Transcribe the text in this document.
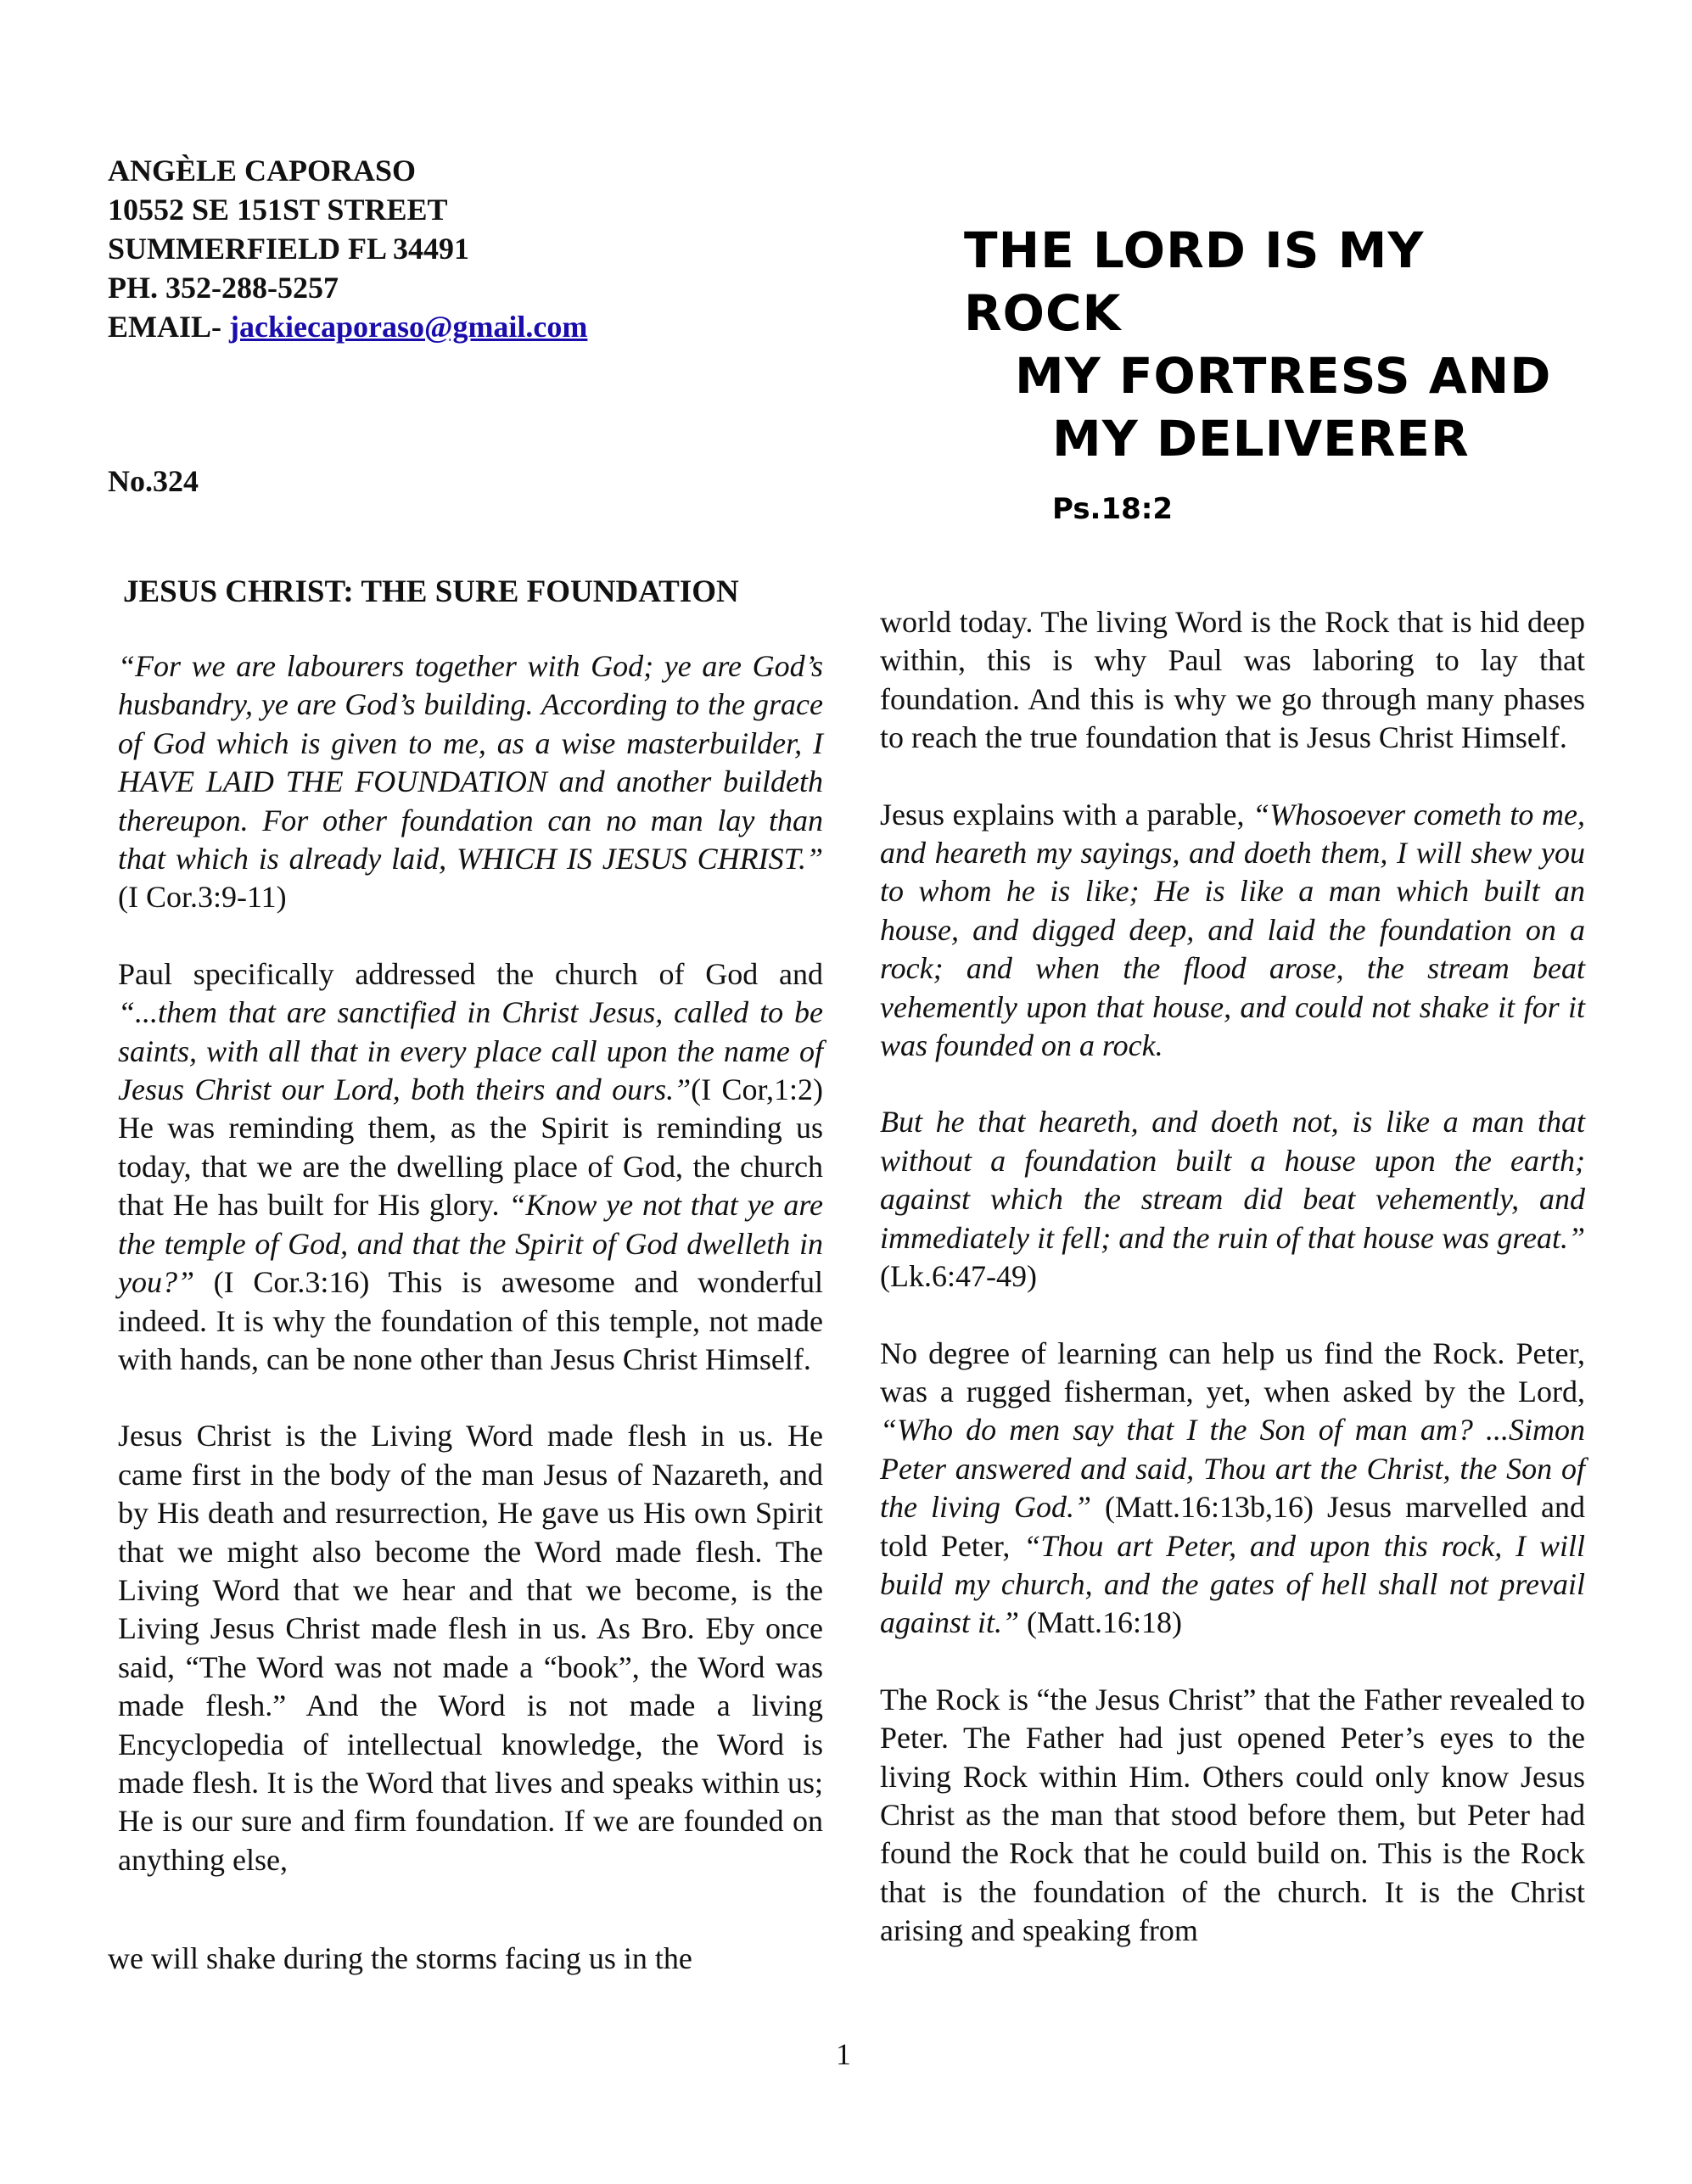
ANGÈLE CAPORASO
10552 SE 151ST STREET
SUMMERFIELD FL 34491
PH. 352-288-5257
EMAIL- jackiecaporaso@gmail.com
THE LORD IS MY ROCK
MY FORTRESS AND
MY DELIVERER Ps.18:2
No.324
JESUS CHRIST: THE SURE FOUNDATION

“For we are labourers together with God; ye are God’s husbandry, ye are God’s building. According to the grace of God which is given to me, as a wise masterbuilder, I HAVE LAID THE FOUNDATION and another buildeth thereupon. For other foundation can no man lay than that which is already laid, WHICH IS JESUS CHRIST.” (I Cor.3:9-11)

Paul specifically addressed the church of God and “...them that are sanctified in Christ Jesus, called to be saints, with all that in every place call upon the name of Jesus Christ our Lord, both theirs and ours.”(I Cor,1:2) He was reminding them, as the Spirit is reminding us today, that we are the dwelling place of God, the church that He has built for His glory. “Know ye not that ye are the temple of God, and that the Spirit of God dwelleth in you?” (I Cor.3:16) This is awesome and wonderful indeed. It is why the foundation of this temple, not made with hands, can be none other than Jesus Christ Himself.

Jesus Christ is the Living Word made flesh in us. He came first in the body of the man Jesus of Nazareth, and by His death and resurrection, He gave us His own Spirit that we might also become the Word made flesh. The Living Word that we hear and that we become, is the Living Jesus Christ made flesh in us. As Bro. Eby once said, “The Word was not made a “book”, the Word was made flesh.” And the Word is not made a living Encyclopedia of intellectual knowledge, the Word is made flesh. It is the Word that lives and speaks within us; He is our sure and firm foundation. If we are founded on anything else,

we will shake during the storms facing us in the

world today. The living Word is the Rock that is hid deep within, this is why Paul was laboring to lay that foundation. And this is why we go through many phases to reach the true foundation that is Jesus Christ Himself.

Jesus explains with a parable, “Whosoever cometh to me, and heareth my sayings, and doeth them, I will shew you to whom he is like; He is like a man which built an house, and digged deep, and laid the foundation on a rock; and when the flood arose, the stream beat vehemently upon that house, and could not shake it for it was founded on a rock.

But he that heareth, and doeth not, is like a man that without a foundation built a house upon the earth; against which the stream did beat vehemently, and immediately it fell; and the ruin of that house was great.” (Lk.6:47-49)

No degree of learning can help us find the Rock. Peter, was a rugged fisherman, yet, when asked by the Lord, “Who do men say that I the Son of man am? ...Simon Peter answered and said, Thou art the Christ, the Son of the living God.” (Matt.16:13b,16) Jesus marvelled and told Peter, “Thou art Peter, and upon this rock, I will build my church, and the gates of hell shall not prevail against it.” (Matt.16:18)

The Rock is “the Jesus Christ” that the Father revealed to Peter. The Father had just opened Peter’s eyes to the living Rock within Him. Others could only know Jesus Christ as the man that stood before them, but Peter had found the Rock that he could build on. This is the Rock that is the foundation of the church. It is the Christ arising and speaking from

1
